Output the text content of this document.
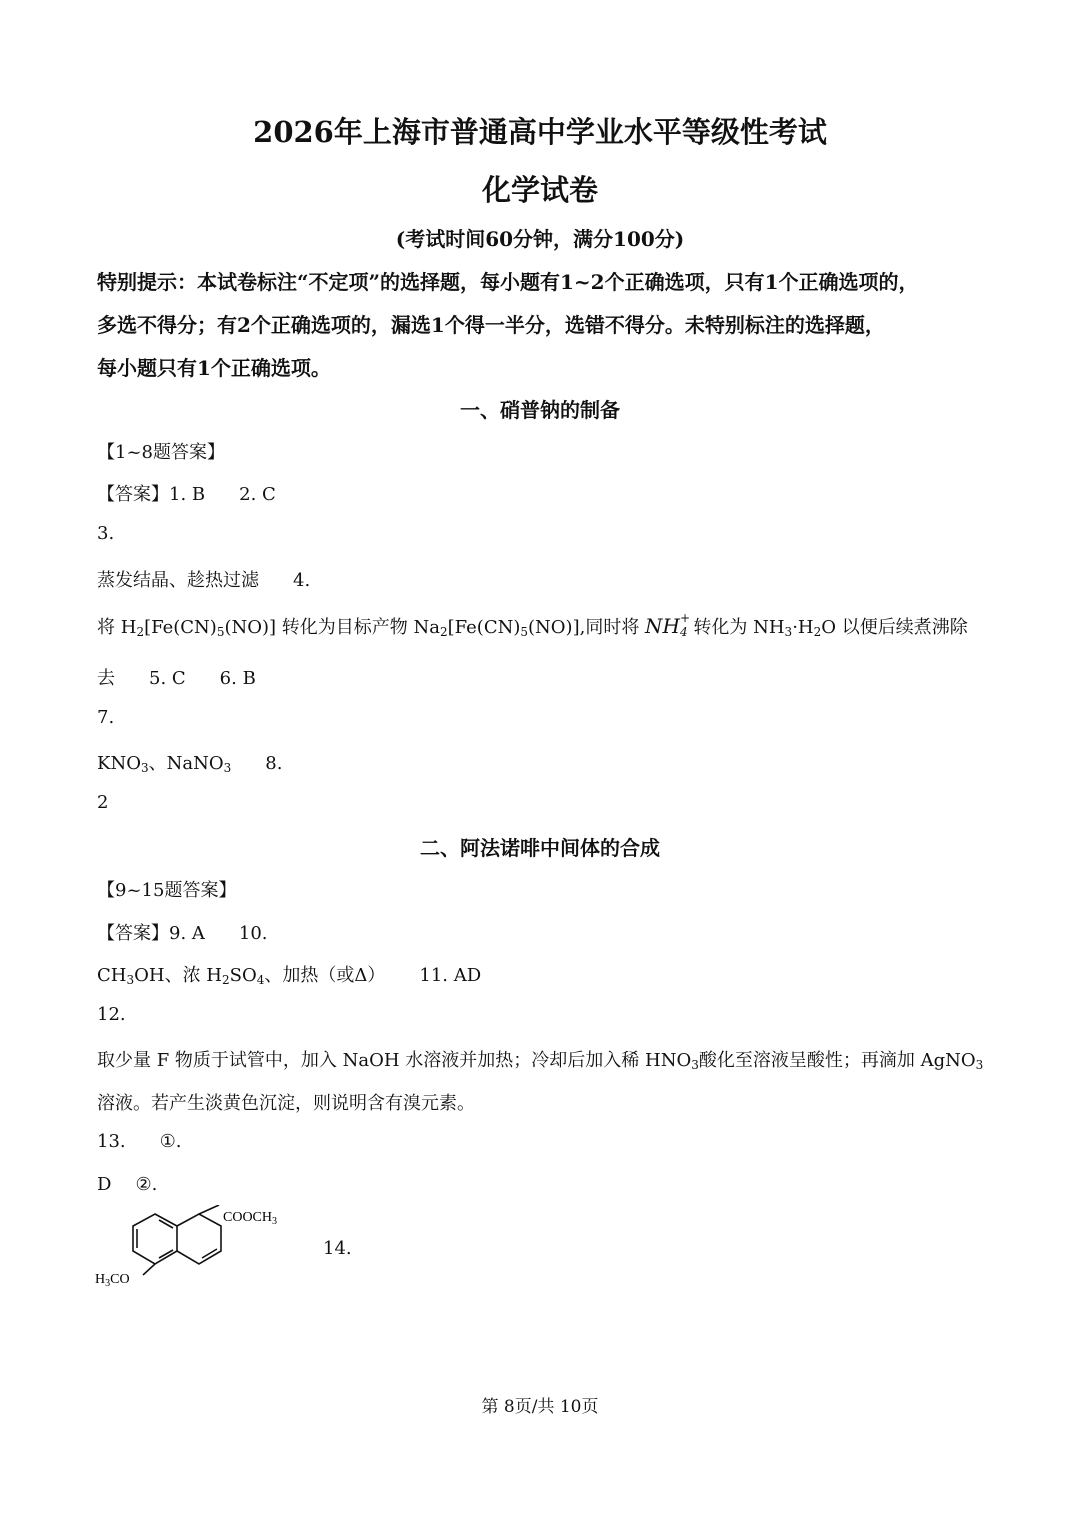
2026年上海市普通高中学业水平等级性考试
化学试卷
(考试时间60分钟，满分100分)
特别提示：本试卷标注“不定项”的选择题，每小题有1~2个正确选项，只有1个正确选项的，
多选不得分；有2个正确选项的，漏选1个得一半分，选错不得分。未特别标注的选择题，
每小题只有1个正确选项。
一、硝普钠的制备
【1~8题答案】
【答案】1. B 2. C
3.
蒸发结晶、趁热过滤 4.
将 $H_2[Fe(CN)_5(NO)]$ 转化为目标产物 $Na_2[Fe(CN)_5(NO)]$,同时将 $NH_{4 +}$
转化为 $NH_3\cdot H_2O$ 以便后续煮沸除
去 5. C 6. B
7.
$KNO_3$、NaNO$_3$ 8.
2
二、阿法诺啡中间体的合成
【9~15题答案】
【答案】9. A 10.
$CH_3OH$、浓 $H_2SO_4$、加热（或Δ） 11. AD
12.
取少量 F 物质于试管中，加入 NaOH 水溶液并加热；冷却后加入稀 $HNO_3$酸化至溶液呈酸性；再滴加 AgNO$_3$
溶液。若产生淡黄色沉淀，则说明含有溴元素。
13. ①.
D ②.
$COOCH_3$
$H_3CO$
14.
第 8页/共 10页
